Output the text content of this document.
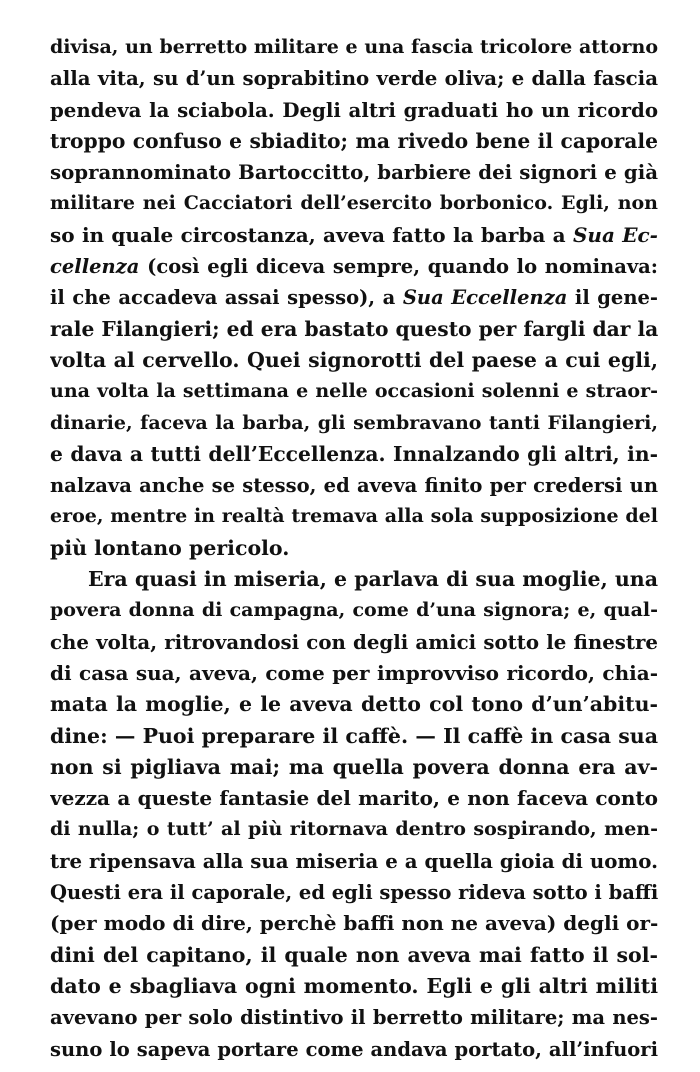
divisa, un berretto militare e una fascia tricolore attorno
alla vita, su d’un soprabitino verde oliva; e dalla fascia
pendeva la sciabola. Degli altri graduati ho un ricordo
troppo confuso e sbiadito; ma rivedo bene il caporale
soprannominato Bartoccitto, barbiere dei signori e già
militare nei Cacciatori dell’esercito borbonico. Egli, non
so in quale circostanza, aveva fatto la barba a Sua Ec-
cellenza (così egli diceva sempre, quando lo nominava:
il che accadeva assai spesso), a Sua Eccellenza il gene-
rale Filangieri; ed era bastato questo per fargli dar la
volta al cervello. Quei signorotti del paese a cui egli,
una volta la settimana e nelle occasioni solenni e straor-
dinarie, faceva la barba, gli sembravano tanti Filangieri,
e dava a tutti dell’Eccellenza. Innalzando gli altri, in-
nalzava anche se stesso, ed aveva finito per credersi un
eroe, mentre in realtà tremava alla sola supposizione del
più lontano pericolo.
Era quasi in miseria, e parlava di sua moglie, una
povera donna di campagna, come d’una signora; e, qual-
che volta, ritrovandosi con degli amici sotto le finestre
di casa sua, aveva, come per improvviso ricordo, chia-
mata la moglie, e le aveva detto col tono d’un’abitu-
dine: — Puoi preparare il caffè. — Il caffè in casa sua
non si pigliava mai; ma quella povera donna era av-
vezza a queste fantasie del marito, e non faceva conto
di nulla; o tutt’ al più ritornava dentro sospirando, men-
tre ripensava alla sua miseria e a quella gioia di uomo.
Questi era il caporale, ed egli spesso rideva sotto i baffi
(per modo di dire, perchè baffi non ne aveva) degli or-
dini del capitano, il quale non aveva mai fatto il sol-
dato e sbagliava ogni momento. Egli e gli altri militi
avevano per solo distintivo il berretto militare; ma nes-
suno lo sapeva portare come andava portato, all’infuori
